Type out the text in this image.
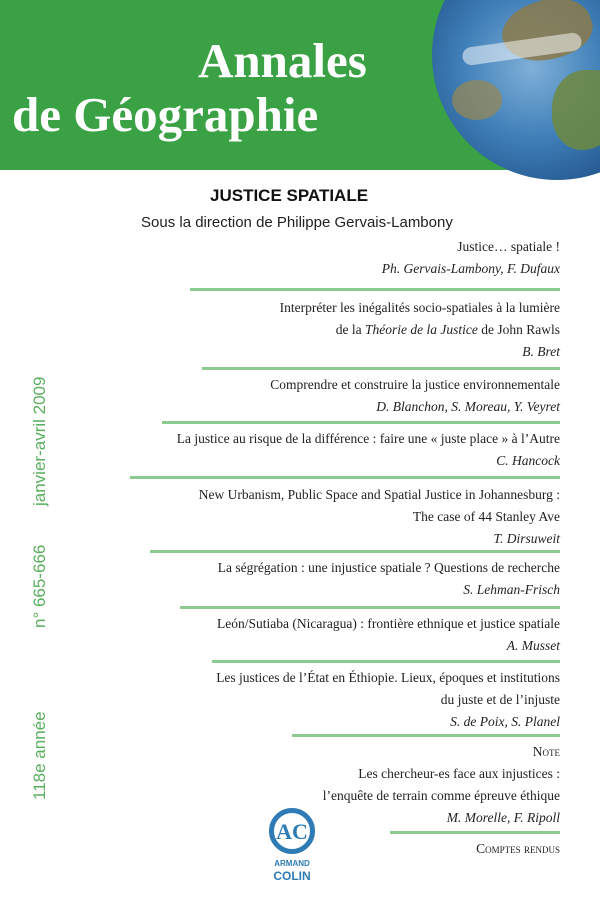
Annales
de Géographie
118e année
n° 665-666
janvier-avril 2009
JUSTICE SPATIALE
Sous la direction de Philippe Gervais-Lambony
Justice… spatiale !
Ph. Gervais-Lambony, F. Dufaux
Interpréter les inégalités socio-spatiales à la lumière
de la Théorie de la Justice de John Rawls
B. Bret
Comprendre et construire la justice environnementale
D. Blanchon, S. Moreau, Y. Veyret
La justice au risque de la différence : faire une « juste place » à l’Autre
C. Hancock
New Urbanism, Public Space and Spatial Justice in Johannesburg :
The case of 44 Stanley Ave
T. Dirsuweit
La ségrégation : une injustice spatiale ? Questions de recherche
S. Lehman-Frisch
León/Sutiaba (Nicaragua) : frontière ethnique et justice spatiale
A. Musset
Les justices de l’État en Éthiopie. Lieux, époques et institutions
du juste et de l’injuste
S. de Poix, S. Planel
Note
Les chercheur-es face aux injustices :
l’enquête de terrain comme épreuve éthique
M. Morelle, F. Ripoll
Comptes rendus
AC
ARMAND
COLIN
